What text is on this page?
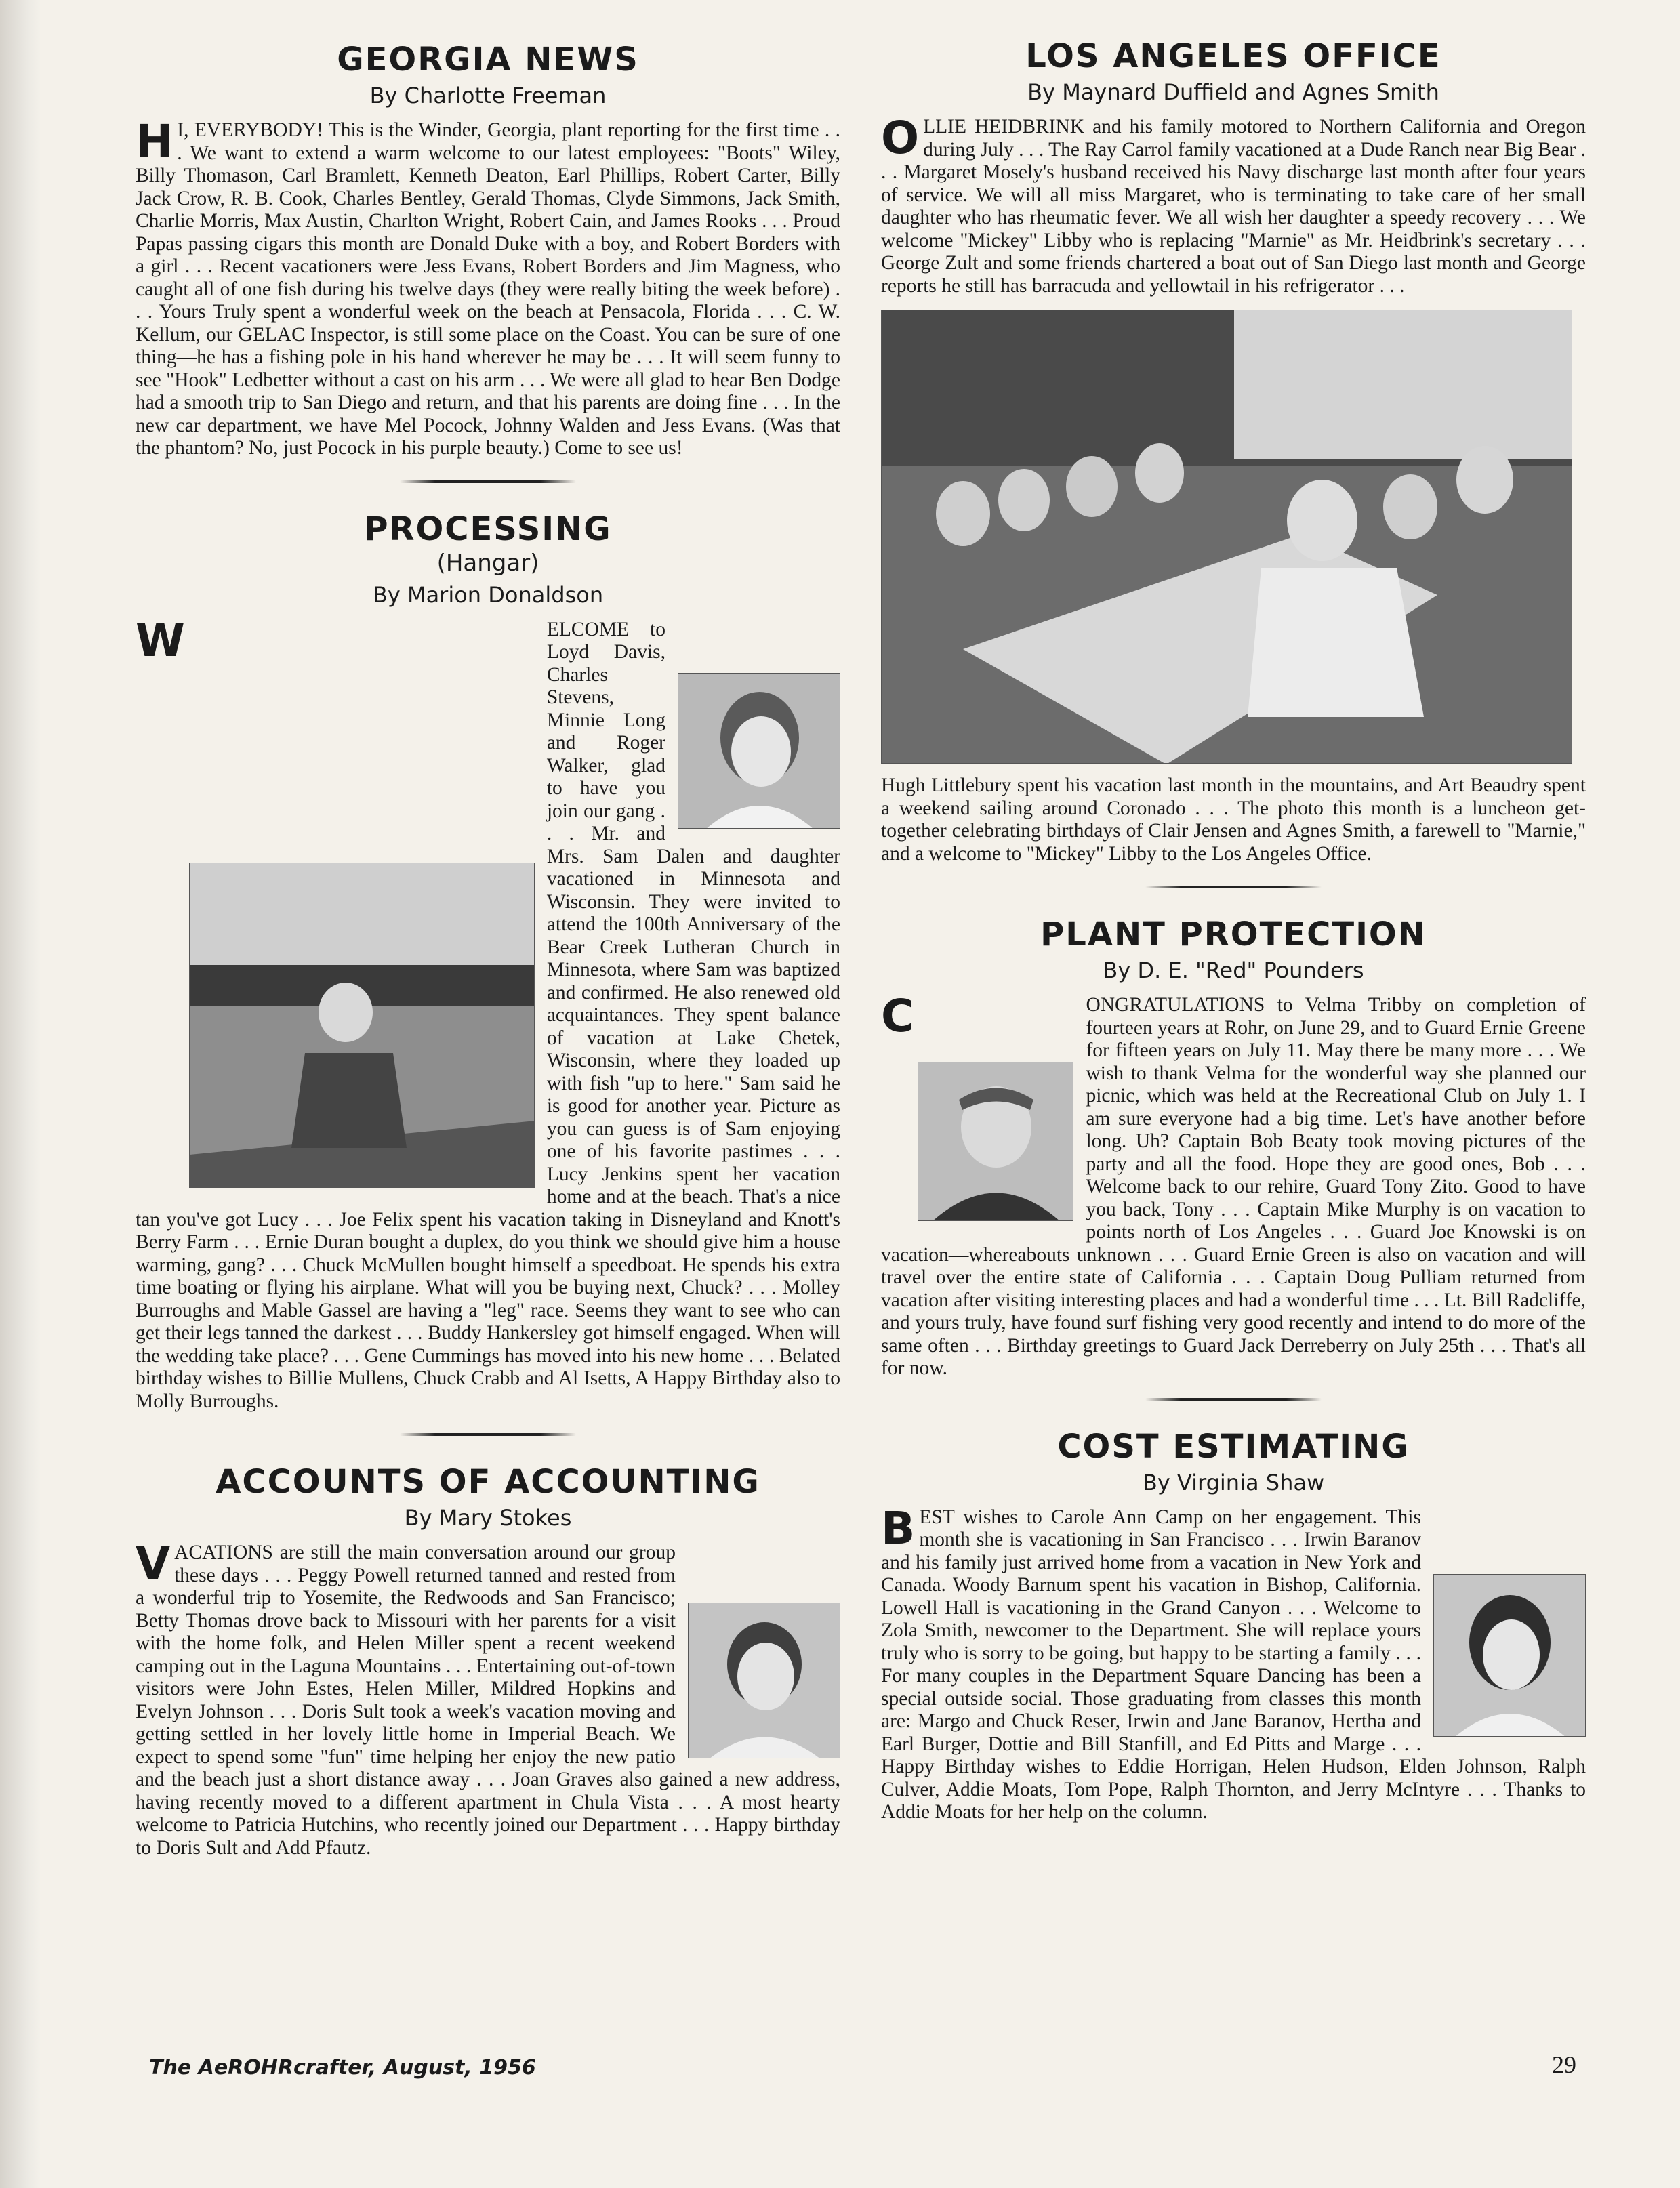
GEORGIA NEWS

By Charlotte Freeman

H I, EVERYBODY! This is the Winder, Georgia, plant reporting for the first time . . . We want to extend a warm welcome to our latest employees: "Boots" Wiley, Billy Thomason, Carl Bramlett, Kenneth Deaton, Earl Phillips, Robert Carter, Billy Jack Crow, R. B. Cook, Charles Bentley, Gerald Thomas, Clyde Simmons, Jack Smith, Charlie Morris, Max Austin, Charlton Wright, Robert Cain, and James Rooks . . . Proud Papas passing cigars this month are Donald Duke with a boy, and Robert Borders with a girl . . . Recent vacationers were Jess Evans, Robert Borders and Jim Magness, who caught all of one fish during his twelve days (they were really biting the week before) . . . Yours Truly spent a wonderful week on the beach at Pensacola, Florida . . . C. W. Kellum, our GELAC Inspector, is still some place on the Coast. You can be sure of one thing—he has a fishing pole in his hand wherever he may be . . . It will seem funny to see "Hook" Ledbetter without a cast on his arm . . . We were all glad to hear Ben Dodge had a smooth trip to San Diego and return, and that his parents are doing fine . . . In the new car department, we have Mel Pocock, Johnny Walden and Jess Evans. (Was that the phantom? No, just Pocock in his purple beauty.) Come to see us!

PROCESSING

(Hangar)

By Marion Donaldson

W	ELCOME to Loyd Davis, Charles Stevens, Minnie Long and Roger Walker, glad to have you join our gang . . . Mr. and Mrs. Sam Dalen and daughter vacationed in Minnesota and Wisconsin. They were invited to attend the 100th Anniversary of the Bear Creek Lutheran Church in Minnesota, where Sam was baptized and confirmed. He also renewed old acquaintances. They spent balance of vacation at Lake Chetek, Wisconsin, where they loaded up with fish "up to here." Sam said he is good for another year. Picture as you can guess is of Sam enjoying one of his favorite pastimes . . . Lucy Jenkins spent her vacation home and at the beach. That's a nice tan you've got Lucy . . . Joe Felix spent his vacation taking in Disneyland and Knott's Berry Farm . . . Ernie Duran bought a duplex, do you think we should give him a house warming, gang? . . . Chuck McMullen bought himself a speedboat. He spends his extra time boating or flying his airplane. What will you be buying next, Chuck? . . . Molley Burroughs and Mable Gassel are having a "leg" race. Seems they want to see who can get their legs tanned the darkest . . . Buddy Hankersley got himself engaged. When will the wedding take place? . . . Gene Cummings has moved into his new home . . . Belated birthday wishes to Billie Mullens, Chuck Crabb and Al Isetts, A Happy Birthday also to Molly Burroughs.
ACCOUNTS OF ACCOUNTING

By Mary Stokes

V ACATIONS are still the main conversation around our group these days . . . Peggy Powell returned tanned and rested from a wonderful trip to Yosemite, the Redwoods and San Francisco; Betty Thomas drove back to Missouri with her parents for a visit with the home folk, and Helen Miller spent a recent weekend camping out in the Laguna Mountains . . . Entertaining out-of-town visitors were John Estes, Helen Miller, Mildred Hopkins and Evelyn Johnson . . . Doris Sult took a week's vacation moving and getting settled in her lovely little home in Imperial Beach. We expect to spend some "fun" time helping her enjoy the new patio and the beach just a short distance away . . . Joan Graves also gained a new address, having recently moved to a different apartment in Chula Vista . . . A most hearty welcome to Patricia Hutchins, who recently joined our Department . . . Happy birthday to Doris Sult and Add Pfautz.
LOS ANGELES OFFICE

By Maynard Duffield and Agnes Smith

OLLIE HEIDBRINK and his family motored to Northern California and Oregon during July . . . The Ray Carrol family vacationed at a Dude Ranch near Big Bear . . . Margaret Mosely's husband received his Navy discharge last month after four years of service. We will all miss Margaret, who is terminating to take care of her small daughter who has rheumatic fever. We all wish her daughter a speedy recovery . . . We welcome "Mickey" Libby who is replacing "Marnie" as Mr. Heidbrink's secretary . . . George Zult and some friends chartered a boat out of San Diego last month and George reports he still has barracuda and yellowtail in his refrigerator . . .

Hugh Littlebury spent his vacation last month in the mountains, and Art Beaudry spent a weekend sailing around Coronado . . . The photo this month is a luncheon get-together celebrating birthdays of Clair Jensen and Agnes Smith, a farewell to "Marnie," and a welcome to "Mickey" Libby to the Los Angeles Office.

PLANT PROTECTION

By D. E. "Red" Pounders

C	ONGRATULATIONS to Velma Tribby on completion of fourteen years at Rohr, on June 29, and to Guard Ernie Greene for fifteen years on July 11. May there be many more . . . We wish to thank Velma for the wonderful way she planned our picnic, which was held at the Recreational Club on July 1. I am sure everyone had a big time. Let's have another before long. Uh? Captain Bob Beaty took moving pictures of the party and all the food. Hope they are good ones, Bob . . . Welcome back to our rehire, Guard Tony Zito. Good to have you back, Tony . . . Captain Mike Murphy is on vacation to points north of Los Angeles . . . Guard Joe Knowski is on vacation—whereabouts unknown . . . Guard Ernie Green is also on vacation and will travel over the entire state of California . . . Captain Doug Pulliam returned from vacation after visiting interesting places and had a wonderful time . . . Lt. Bill Radcliffe, and yours truly, have found surf fishing very good recently and intend to do more of the same often . . . Birthday greetings to Guard Jack Derreberry on July 25th . . . That's all for now.
COST ESTIMATING

By Virginia Shaw

B EST wishes to Carole Ann Camp on her engagement. This month she is vacationing in San Francisco . . . Irwin Baranov and his family just arrived home from a vacation in New York and Canada. Woody Barnum spent his vacation in Bishop, California. Lowell Hall is vacationing in the Grand Canyon . . . Welcome to Zola Smith, newcomer to the Department. She will replace yours truly who is sorry to be going, but happy to be starting a family . . . For many couples in the Department Square Dancing has been a special outside social. Those graduating from classes this month are: Margo and Chuck Reser, Irwin and Jane Baranov, Hertha and Earl Burger, Dottie and Bill Stanfill, and Ed Pitts and Marge . . . Happy Birthday wishes to Eddie Horrigan, Helen Hudson, Elden Johnson, Ralph Culver, Addie Moats, Tom Pope, Ralph Thornton, and Jerry McIntyre . . . Thanks to Addie Moats for her help on the column.
The AeROHRcrafter, August, 1956	29
